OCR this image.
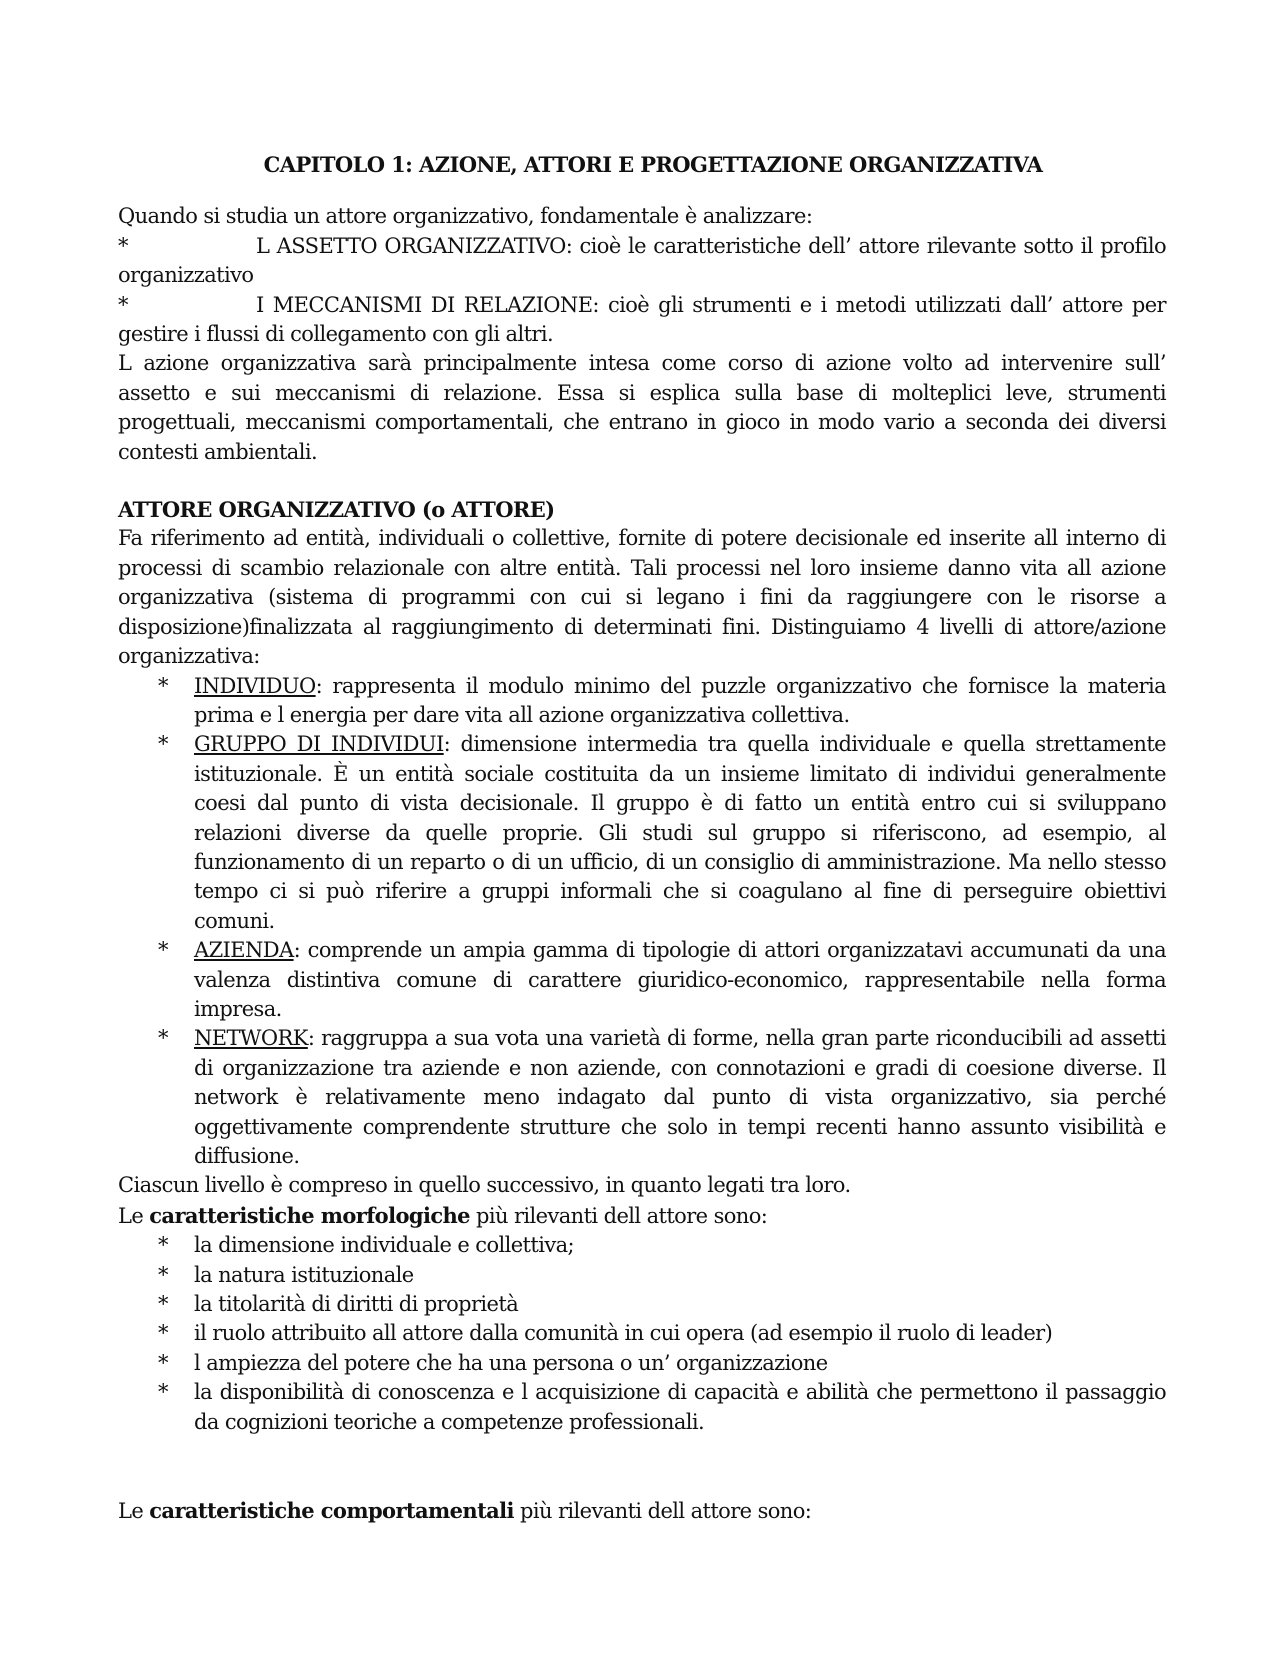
CAPITOLO 1: AZIONE, ATTORI E PROGETTAZIONE ORGANIZZATIVA

Quando si studia un attore organizzativo, fondamentale è analizzare:

*	L ASSETTO ORGANIZZATIVO: cioè le caratteristiche dell’ attore rilevante sotto il profilo organizzativo

*	I MECCANISMI DI RELAZIONE: cioè gli strumenti e i metodi utilizzati dall’ attore per gestire i flussi di collegamento con gli altri.

L azione organizzativa sarà principalmente intesa come corso di azione volto ad intervenire sull’ assetto e sui meccanismi di relazione. Essa si esplica sulla base di molteplici leve, strumenti progettuali, meccanismi comportamentali, che entrano in gioco in modo vario a seconda dei diversi contesti ambientali.

ATTORE ORGANIZZATIVO (o ATTORE)

Fa riferimento ad entità, individuali o collettive, fornite di potere decisionale ed inserite all interno di processi di scambio relazionale con altre entità. Tali processi nel loro insieme danno vita all azione organizzativa (sistema di programmi con cui si legano i fini da raggiungere con le risorse a disposizione)finalizzata al raggiungimento di determinati fini. Distinguiamo 4 livelli di attore/azione organizzativa:

* INDIVIDUO: rappresenta il modulo minimo del puzzle organizzativo che fornisce la materia prima e l energia per dare vita all azione organizzativa collettiva.
* GRUPPO DI INDIVIDUI: dimensione intermedia tra quella individuale e quella strettamente istituzionale. È un entità sociale costituita da un insieme limitato di individui generalmente coesi dal punto di vista decisionale. Il gruppo è di fatto un entità entro cui si sviluppano relazioni diverse da quelle proprie. Gli studi sul gruppo si riferiscono, ad esempio, al funzionamento di un reparto o di un ufficio, di un consiglio di amministrazione. Ma nello stesso tempo ci si può riferire a gruppi informali che si coagulano al fine di perseguire obiettivi comuni.
* AZIENDA: comprende un ampia gamma di tipologie di attori organizzatavi accumunati da una valenza distintiva comune di carattere giuridico-economico, rappresentabile nella forma impresa.
* NETWORK: raggruppa a sua vota una varietà di forme, nella gran parte riconducibili ad assetti di organizzazione tra aziende e non aziende, con connotazioni e gradi di coesione diverse. Il network è relativamente meno indagato dal punto di vista organizzativo, sia perché oggettivamente comprendente strutture che solo in tempi recenti hanno assunto visibilità e diffusione.

Ciascun livello è compreso in quello successivo, in quanto legati tra loro.

Le caratteristiche morfologiche più rilevanti dell attore sono:

* la dimensione individuale e collettiva;
* la natura istituzionale
* la titolarità di diritti di proprietà
* il ruolo attribuito all attore dalla comunità in cui opera (ad esempio il ruolo di leader)
* l ampiezza del potere che ha una persona o un’ organizzazione
* la disponibilità di conoscenza e l acquisizione di capacità e abilità che permettono il passaggio da cognizioni teoriche a competenze professionali.

Le caratteristiche comportamentali più rilevanti dell attore sono:
